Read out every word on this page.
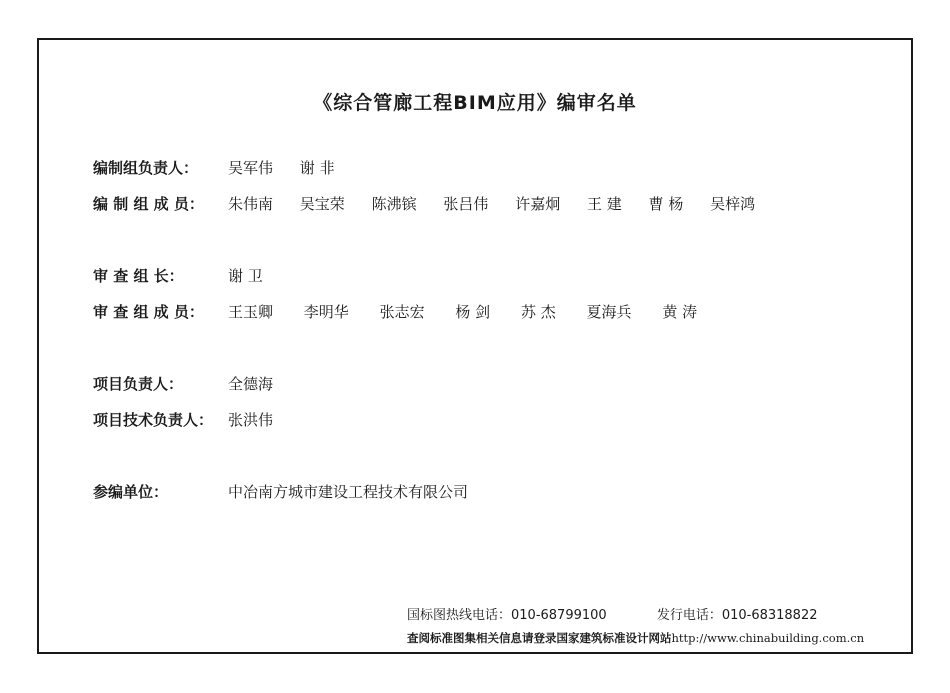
《综合管廊工程BIM应用》编审名单
编制组负责人： 吴军伟 谢 非
编 制 组 成 员： 朱伟南 吴宝荣 陈沸镔 张吕伟 许嘉炯 王 建 曹 杨 吴梓鸿
审 查 组 长：	谢 卫
审 查 组 成 员： 王玉卿 李明华 张志宏 杨 剑 苏 杰 夏海兵 黄 涛
项目负责人：	全德海
项目技术负责人： 张洪伟
参编单位：	中冶南方城市建设工程技术有限公司
国标图热线电话：010-68799100	发行电话：010-68318822
查阅标准图集相关信息请登录国家建筑标准设计网站http://www.chinabuilding.com.cn
